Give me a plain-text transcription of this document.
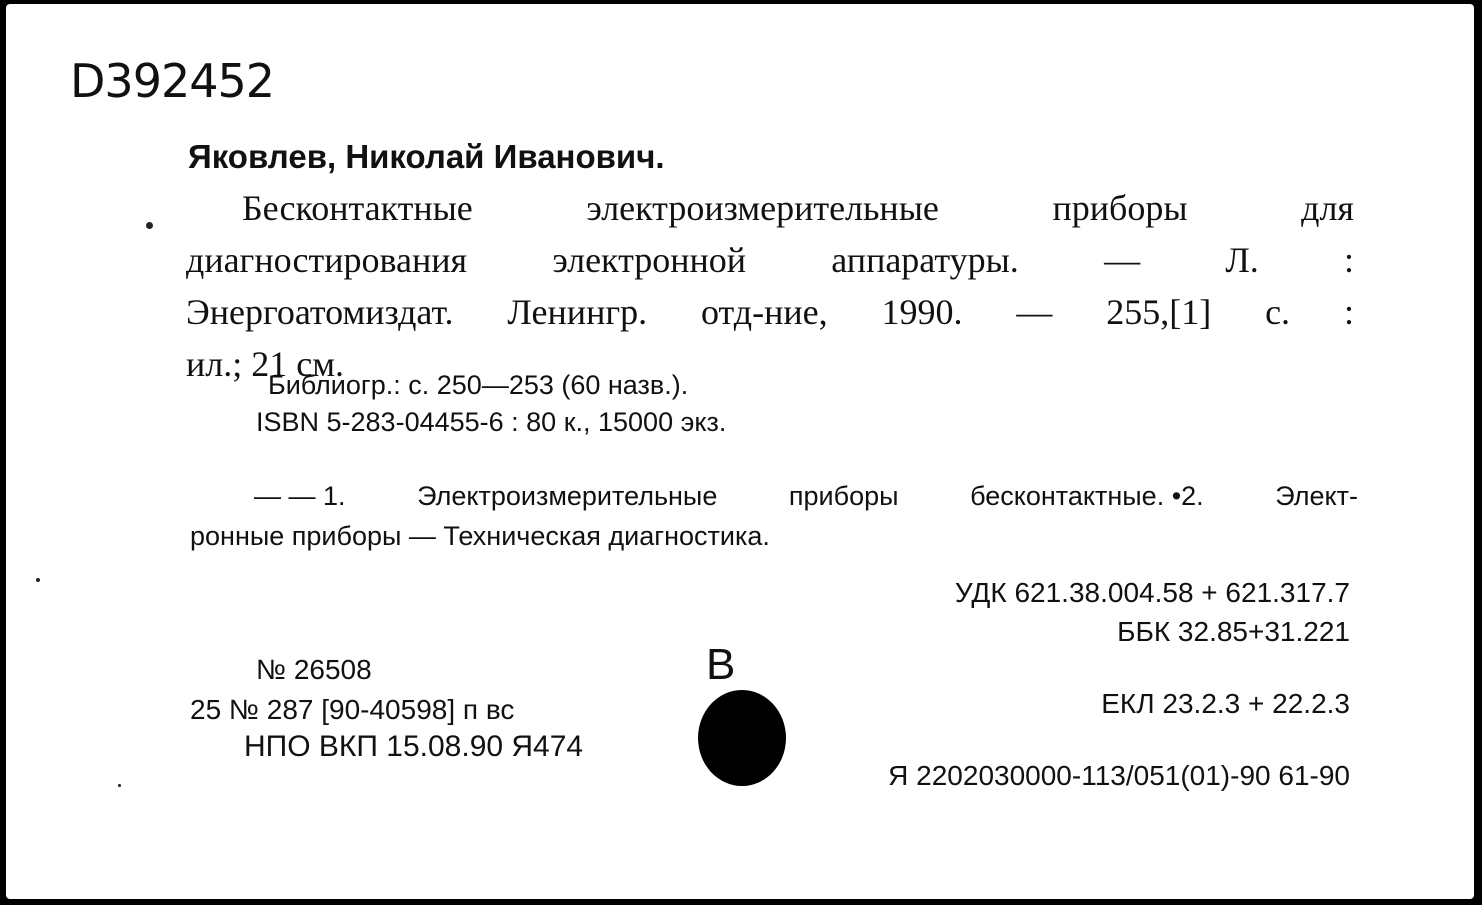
D392452
Яковлев, Николай Иванович.
Бесконтактные	электроизмерительные	приборы	для
диагностирования электронной аппаратуры. — Л. :
Энергоатомиздат. Ленингр. отд-ние, 1990. — 255,[1] с. :
ил.; 21 см.
Библиогр.: с. 250—253 (60 назв.).
ISBN 5-283-04455-6 : 80 к., 15000 экз.
— — 1.	Электроизмерительные	приборы	бесконтактные. •2.	Элект-
ронные приборы — Техническая диагностика.
УДК 621.38.004.58 + 621.317.7
ББК 32.85+31.221
ЕКЛ 23.2.3 + 22.2.3
Я 2202030000-113/051(01)-90 61-90
№ 26508
25 № 287 [90-40598] п вс
НПО ВКП 15.08.90 Я474
В
